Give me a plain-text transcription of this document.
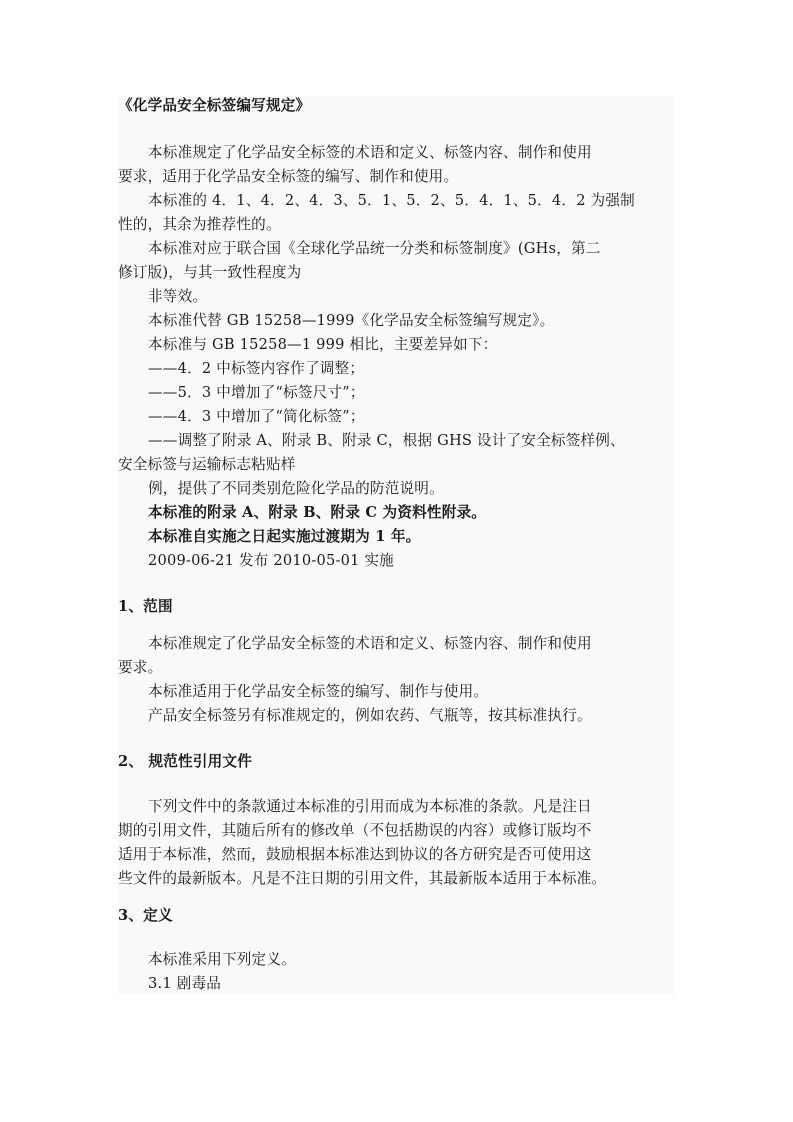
《化学品安全标签编写规定》
本标准规定了化学品安全标签的术语和定义、标签内容、制作和使用
要求，适用于化学品安全标签的编写、制作和使用。
本标准的 4．1、4．2、4．3、5．1、5．2、5．4．1、5．4．2 为强制
性的，其余为推荐性的。
本标准对应于联合国《全球化学品统一分类和标签制度》(GHs，第二
修订版)，与其一致性程度为
非等效。
本标准代替 GB 15258—1999《化学品安全标签编写规定》。
本标准与 GB 15258—1 999 相比，主要差异如下：
——4．2 中标签内容作了调整；
——5．3 中增加了“标签尺寸”；
——4．3 中增加了“简化标签”；
——调整了附录 A、附录 B、附录 C，根据 GHS 设计了安全标签样例、
安全标签与运输标志粘贴样
例，提供了不同类别危险化学品的防范说明。
本标准的附录 A、附录 B、附录 C 为资料性附录。
本标准自实施之日起实施过渡期为 1 年。
2009-06-21 发布 2010-05-01 实施
1、范围
本标准规定了化学品安全标签的术语和定义、标签内容、制作和使用
要求。
本标准适用于化学品安全标签的编写、制作与使用。
产品安全标签另有标准规定的，例如农药、气瓶等，按其标准执行。
2、 规范性引用文件
下列文件中的条款通过本标准的引用而成为本标准的条款。凡是注日
期的引用文件，其随后所有的修改单（不包括勘误的内容）或修订版均不
适用于本标准，然而，鼓励根据本标准达到协议的各方研究是否可使用这
些文件的最新版本。凡是不注日期的引用文件，其最新版本适用于本标准。
3、定义
本标准采用下列定义。
3.1 剧毒品
